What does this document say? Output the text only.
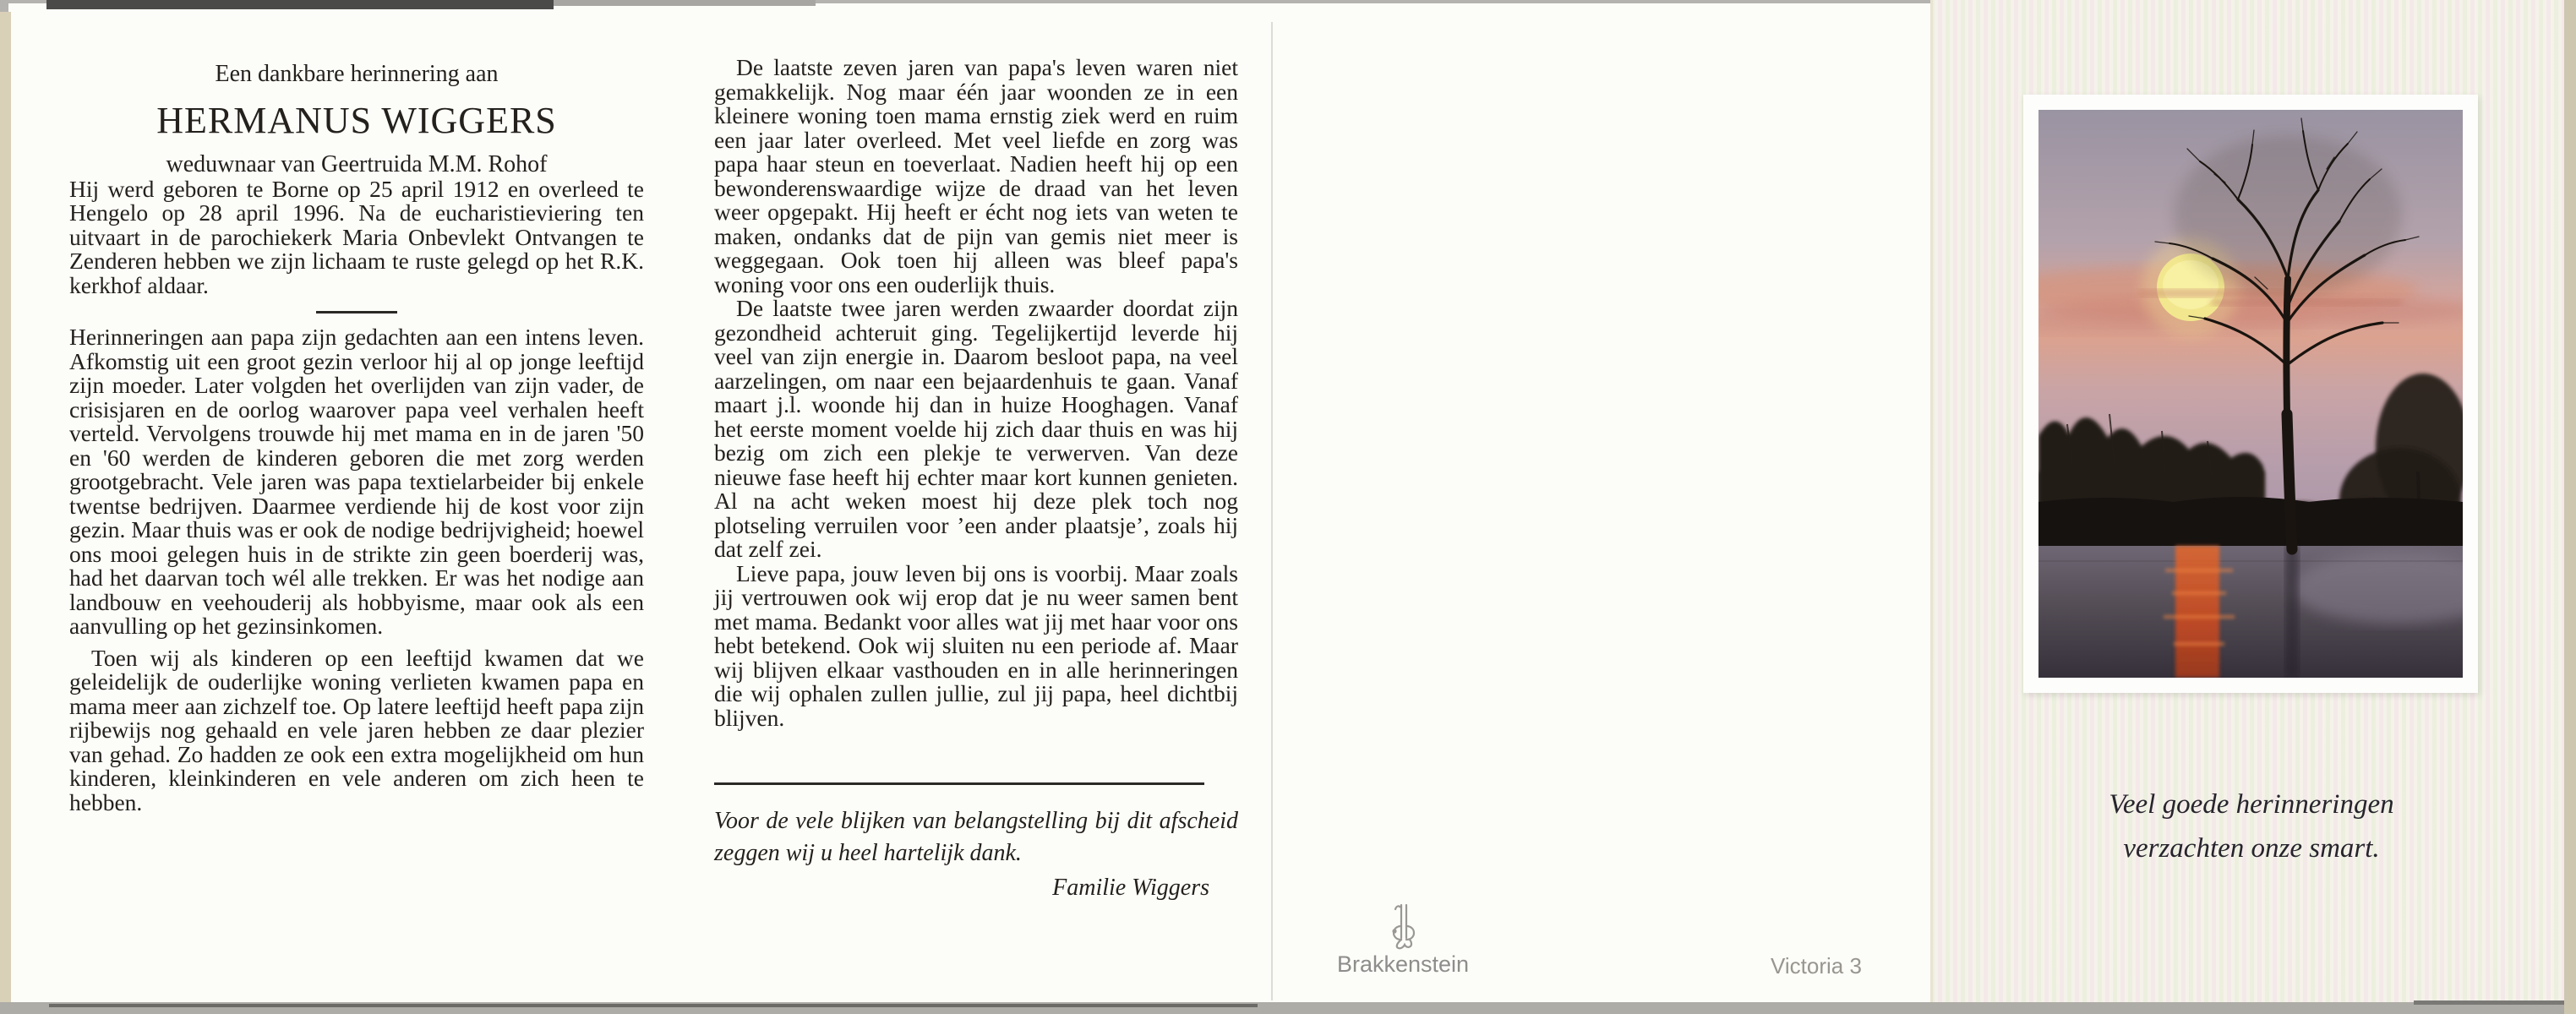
Een dankbare herinnering aan

HERMANUS WIGGERS

weduwnaar van Geertruida M.M. Rohof

Hij werd geboren te Borne op 25 april 1912 en overleed te Hengelo op 28 april 1996. Na de eucharistieviering ten uitvaart in de parochiekerk Maria Onbevlekt Ontvangen te Zenderen hebben we zijn lichaam te ruste gelegd op het R.K. kerkhof aldaar.

Herinneringen aan papa zijn gedachten aan een intens leven. Afkomstig uit een groot gezin verloor hij al op jonge leeftijd zijn moeder. Later volgden het overlijden van zijn vader, de crisisjaren en de oorlog waarover papa veel verhalen heeft verteld. Vervolgens trouwde hij met mama en in de jaren '50 en '60 werden de kinderen geboren die met zorg werden grootgebracht. Vele jaren was papa textielarbeider bij enkele twentse bedrijven. Daarmee verdiende hij de kost voor zijn gezin. Maar thuis was er ook de nodige bedrijvigheid; hoewel ons mooi gelegen huis in de strikte zin geen boerderij was, had het daarvan toch wél alle trekken. Er was het nodige aan landbouw en veehouderij als hobbyisme, maar ook als een aanvulling op het gezinsinkomen.

Toen wij als kinderen op een leeftijd kwamen dat we geleidelijk de ouderlijke woning verlieten kwamen papa en mama meer aan zichzelf toe. Op latere leeftijd heeft papa zijn rijbewijs nog gehaald en vele jaren hebben ze daar plezier van gehad. Zo hadden ze ook een extra mogelijkheid om hun kinderen, kleinkinderen en vele anderen om zich heen te hebben.

De laatste zeven jaren van papa's leven waren niet gemakkelijk. Nog maar één jaar woonden ze in een kleinere woning toen mama ernstig ziek werd en ruim een jaar later overleed. Met veel liefde en zorg was papa haar steun en toeverlaat. Nadien heeft hij op een bewonderenswaardige wijze de draad van het leven weer opgepakt. Hij heeft er écht nog iets van weten te maken, ondanks dat de pijn van gemis niet meer is weggegaan. Ook toen hij alleen was bleef papa's woning voor ons een ouderlijk thuis.

De laatste twee jaren werden zwaarder doordat zijn gezondheid achteruit ging. Tegelijkertijd leverde hij veel van zijn energie in. Daarom besloot papa, na veel aarzelingen, om naar een bejaardenhuis te gaan. Vanaf maart j.l. woonde hij dan in huize Hooghagen. Vanaf het eerste moment voelde hij zich daar thuis en was hij bezig om zich een plekje te verwerven. Van deze nieuwe fase heeft hij echter maar kort kunnen genieten. Al na acht weken moest hij deze plek toch nog plotseling verruilen voor ’een ander plaatsje’, zoals hij dat zelf zei.

Lieve papa, jouw leven bij ons is voorbij. Maar zoals jij vertrouwen ook wij erop dat je nu weer samen bent met mama. Bedankt voor alles wat jij met haar voor ons hebt betekend. Ook wij sluiten nu een periode af. Maar wij blijven elkaar vasthouden en in alle herinneringen die wij ophalen zullen jullie, zul jij papa, heel dichtbij blijven.

Voor de vele blijken van belangstelling bij dit afscheid zeggen wij u heel hartelijk dank.

Familie Wiggers
Brakkenstein	Victoria 3
Veel goede herinneringen
verzachten onze smart.
